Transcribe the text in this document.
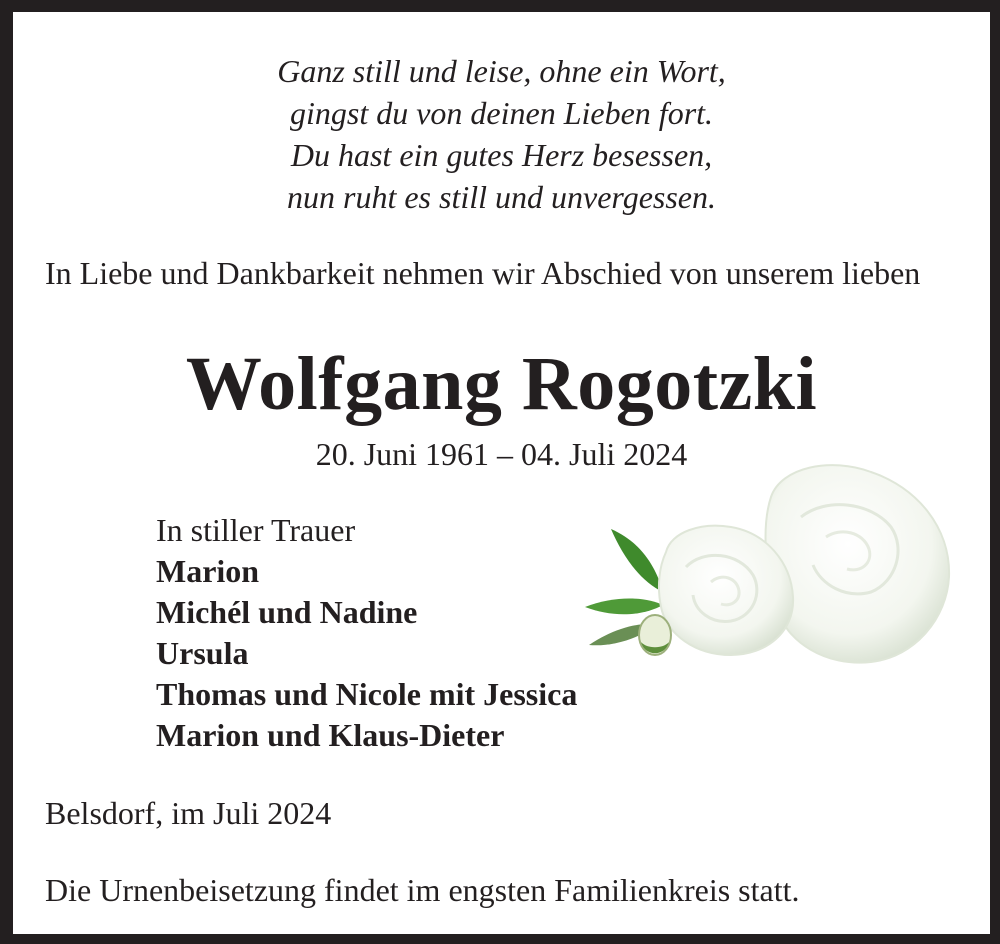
Ganz still und leise, ohne ein Wort,
gingst du von deinen Lieben fort.
Du hast ein gutes Herz besessen,
nun ruht es still und unvergessen.
In Liebe und Dankbarkeit nehmen wir Abschied von unserem lieben
Wolfgang Rogotzki
20. Juni 1961 – 04. Juli 2024
In stiller Trauer
Marion
Michél und Nadine
Ursula
Thomas und Nicole mit Jessica
Marion und Klaus-Dieter
Belsdorf, im Juli 2024
Die Urnenbeisetzung findet im engsten Familienkreis statt.
